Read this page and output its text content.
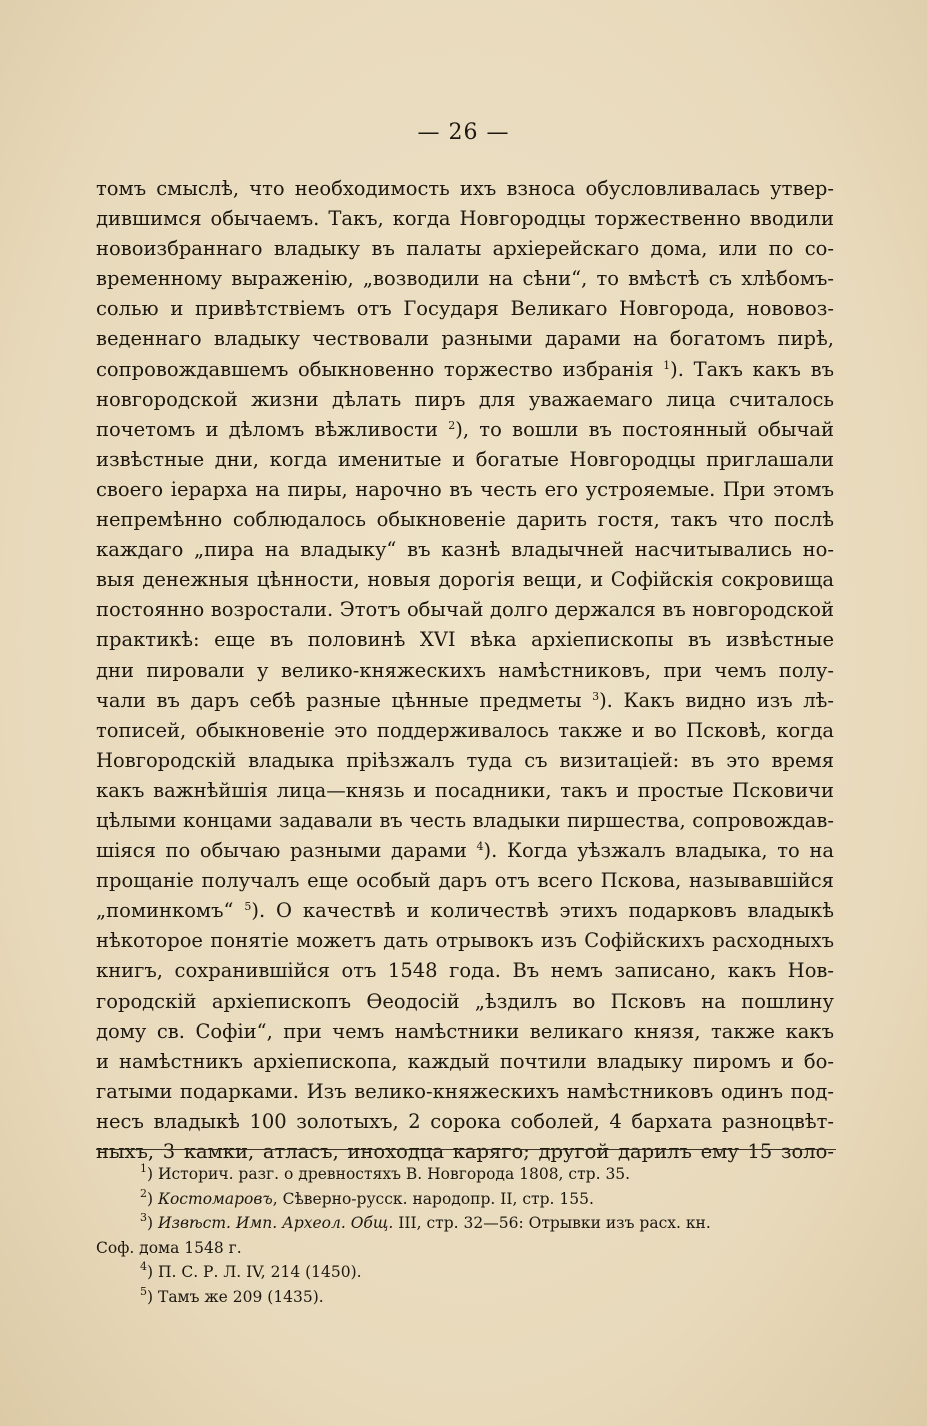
— 26 —
томъ смыслѣ, что необходимость ихъ взноса обусловливалась утвер-
дившимся обычаемъ. Такъ, когда Новгородцы торжественно вводили
новоизбраннаго владыку въ палаты архіерейскаго дома, или по со-
временному выраженію, „возводили на сѣни“, то вмѣстѣ съ хлѣбомъ-
солью и привѣтствіемъ отъ Государя Великаго Новгорода, нововоз-
веденнаго владыку чествовали разными дарами на богатомъ пирѣ,
сопровождавшемъ обыкновенно торжество избранія $^1$). Такъ какъ въ
новгородской жизни дѣлать пиръ для уважаемаго лица считалось
почетомъ и дѣломъ вѣжливости $^2$), то вошли въ постоянный обычай
извѣстные дни, когда именитые и богатые Новгородцы приглашали
своего іерарха на пиры, нарочно въ честь его устрояемые. При этомъ
непремѣнно соблюдалось обыкновеніе дарить гостя, такъ что послѣ
каждаго „пира на владыку“ въ казнѣ владычней насчитывались но-
выя денежныя цѣнности, новыя дорогія вещи, и Софійскія сокровища
постоянно возростали. Этотъ обычай долго держался въ новгородской
практикѣ: еще въ половинѣ XVI вѣка архіепископы въ извѣстные
дни пировали у велико-княжескихъ намѣстниковъ, при чемъ полу-
чали въ даръ себѣ разные цѣнные предметы $^3$). Какъ видно изъ лѣ-
тописей, обыкновеніе это поддерживалось также и во Псковѣ, когда
Новгородскій владыка пріѣзжалъ туда съ визитаціей: въ это время
какъ важнѣйшія лица—князь и посадники, такъ и простые Псковичи
цѣлыми концами задавали въ честь владыки пиршества, сопровождав-
шіяся по обычаю разными дарами $^4$). Когда уѣзжалъ владыка, то на
прощаніе получалъ еще особый даръ отъ всего Пскова, называвшійся
„поминкомъ“ $^5$). О качествѣ и количествѣ этихъ подарковъ владыкѣ
нѣкоторое понятіе можетъ дать отрывокъ изъ Софійскихъ расходныхъ
книгъ, сохранившійся отъ 1548 года. Въ немъ записано, какъ Нов-
городскій архіепископъ Ѳеодосій „ѣздилъ во Псковъ на пошлину
дому св. Софіи“, при чемъ намѣстники великаго князя, также какъ
и намѣстникъ архіепископа, каждый почтили владыку пиромъ и бо-
гатыми подарками. Изъ велико-княжескихъ намѣстниковъ одинъ под-
несъ владыкѣ 100 золотыхъ, 2 сорока соболей, 4 бархата разноцвѣт-
ныхъ, 3 камки, атласъ, иноходца каряго; другой дарилъ ему 15 золо-
$^1$) Историч. разг. о древностяхъ В. Новгорода 1808, стр. 35.
$^2$) Костомаровъ, Сѣверно-русск. народопр. II, стр. 155.
$^3$) Извѣст. Имп. Археол. Общ. III, стр. 32—56: Отрывки изъ расх. кн.
Соф. дома 1548 г.
$^4$) П. С. Р. Л. IV, 214 (1450).
$^5$) Тамъ же 209 (1435).
